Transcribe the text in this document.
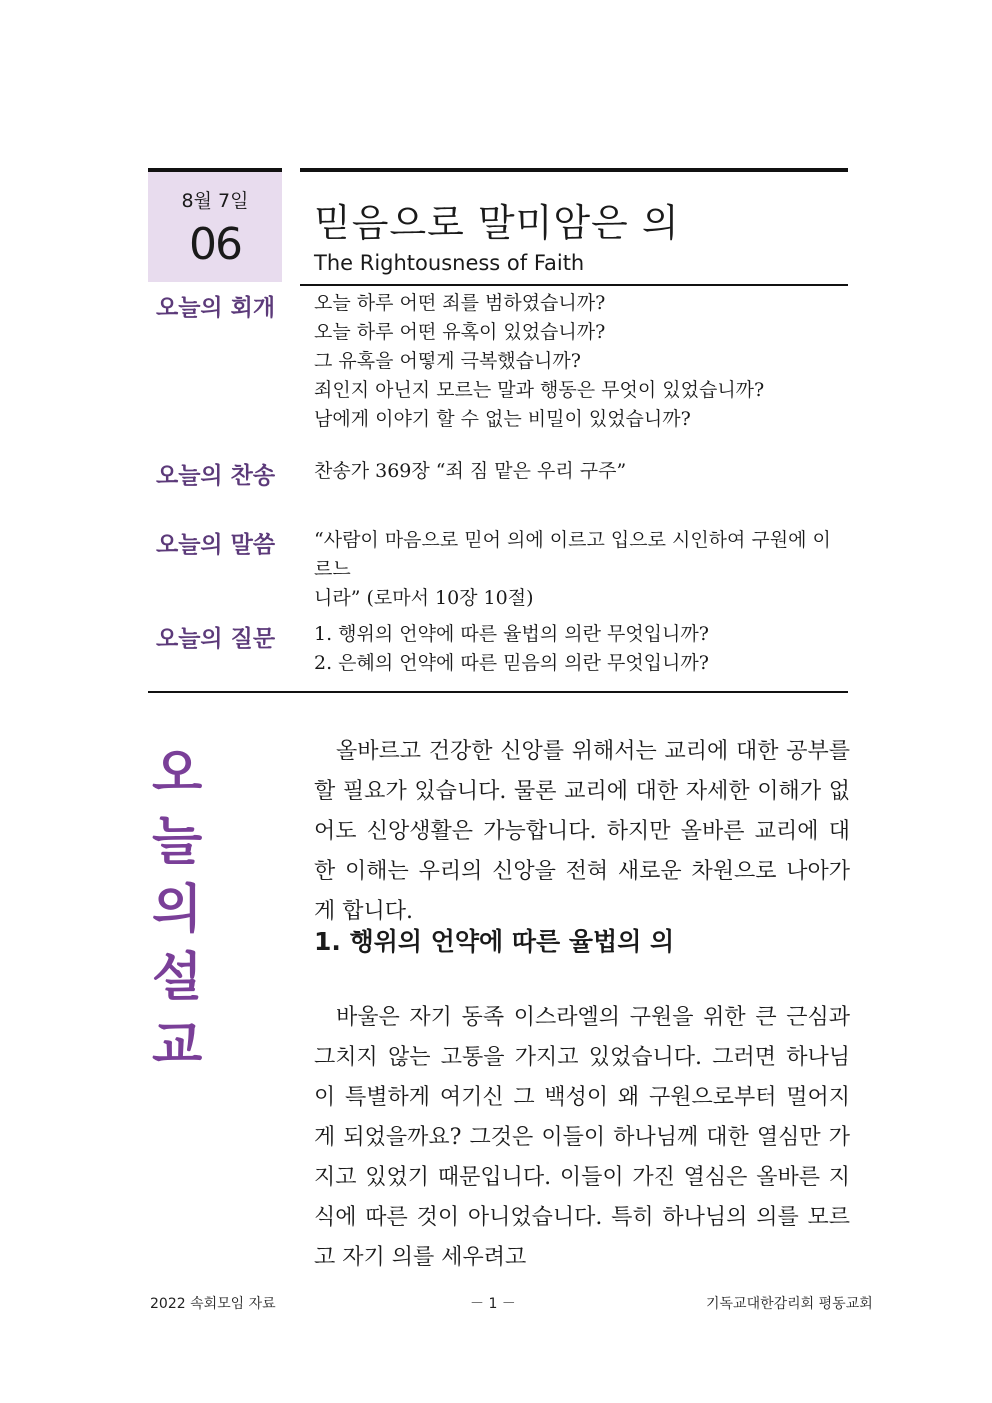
8월 7일
06	믿음으로 말미암은 의
The Rightousness of Faith
오늘의 회개 오늘 하루 어떤 죄를 범하였습니까?
오늘 하루 어떤 유혹이 있었습니까?
그 유혹을 어떻게 극복했습니까?
죄인지 아닌지 모르는 말과 행동은 무엇이 있었습니까?
남에게 이야기 할 수 없는 비밀이 있었습니까?
오늘의 찬송 찬송가 369장 “죄 짐 맡은 우리 구주”
오늘의 말씀 “사람이 마음으로 믿어 의에 이르고 입으로 시인하여 구원에 이르느
니라” (로마서 10장 10절)
오늘의 질문 1. 행위의 언약에 따른 율법의 의란 무엇입니까?
2. 은혜의 언약에 따른 믿음의 의란 무엇입니까?
오
늘
의
설
교

올바르고 건강한 신앙를 위해서는 교리에 대한 공부를 할 필요가 있습니다. 물론 교리에 대한 자세한 이해가 없어도 신앙생활은 가능합니다. 하지만 올바른 교리에 대한 이해는 우리의 신앙을 전혀 새로운 차원으로 나아가게 합니다.

1. 행위의 언약에 따른 율법의 의

바울은 자기 동족 이스라엘의 구원을 위한 큰 근심과 그치지 않는 고통을 가지고 있었습니다. 그러면 하나님이 특별하게 여기신 그 백성이 왜 구원으로부터 멀어지게 되었을까요? 그것은 이들이 하나님께 대한 열심만 가지고 있었기 때문입니다. 이들이 가진 열심은 올바른 지식에 따른 것이 아니었습니다. 특히 하나님의 의를 모르고 자기 의를 세우려고

2022 속회모임 자료	－ 1 －	기독교대한감리회 평동교회
